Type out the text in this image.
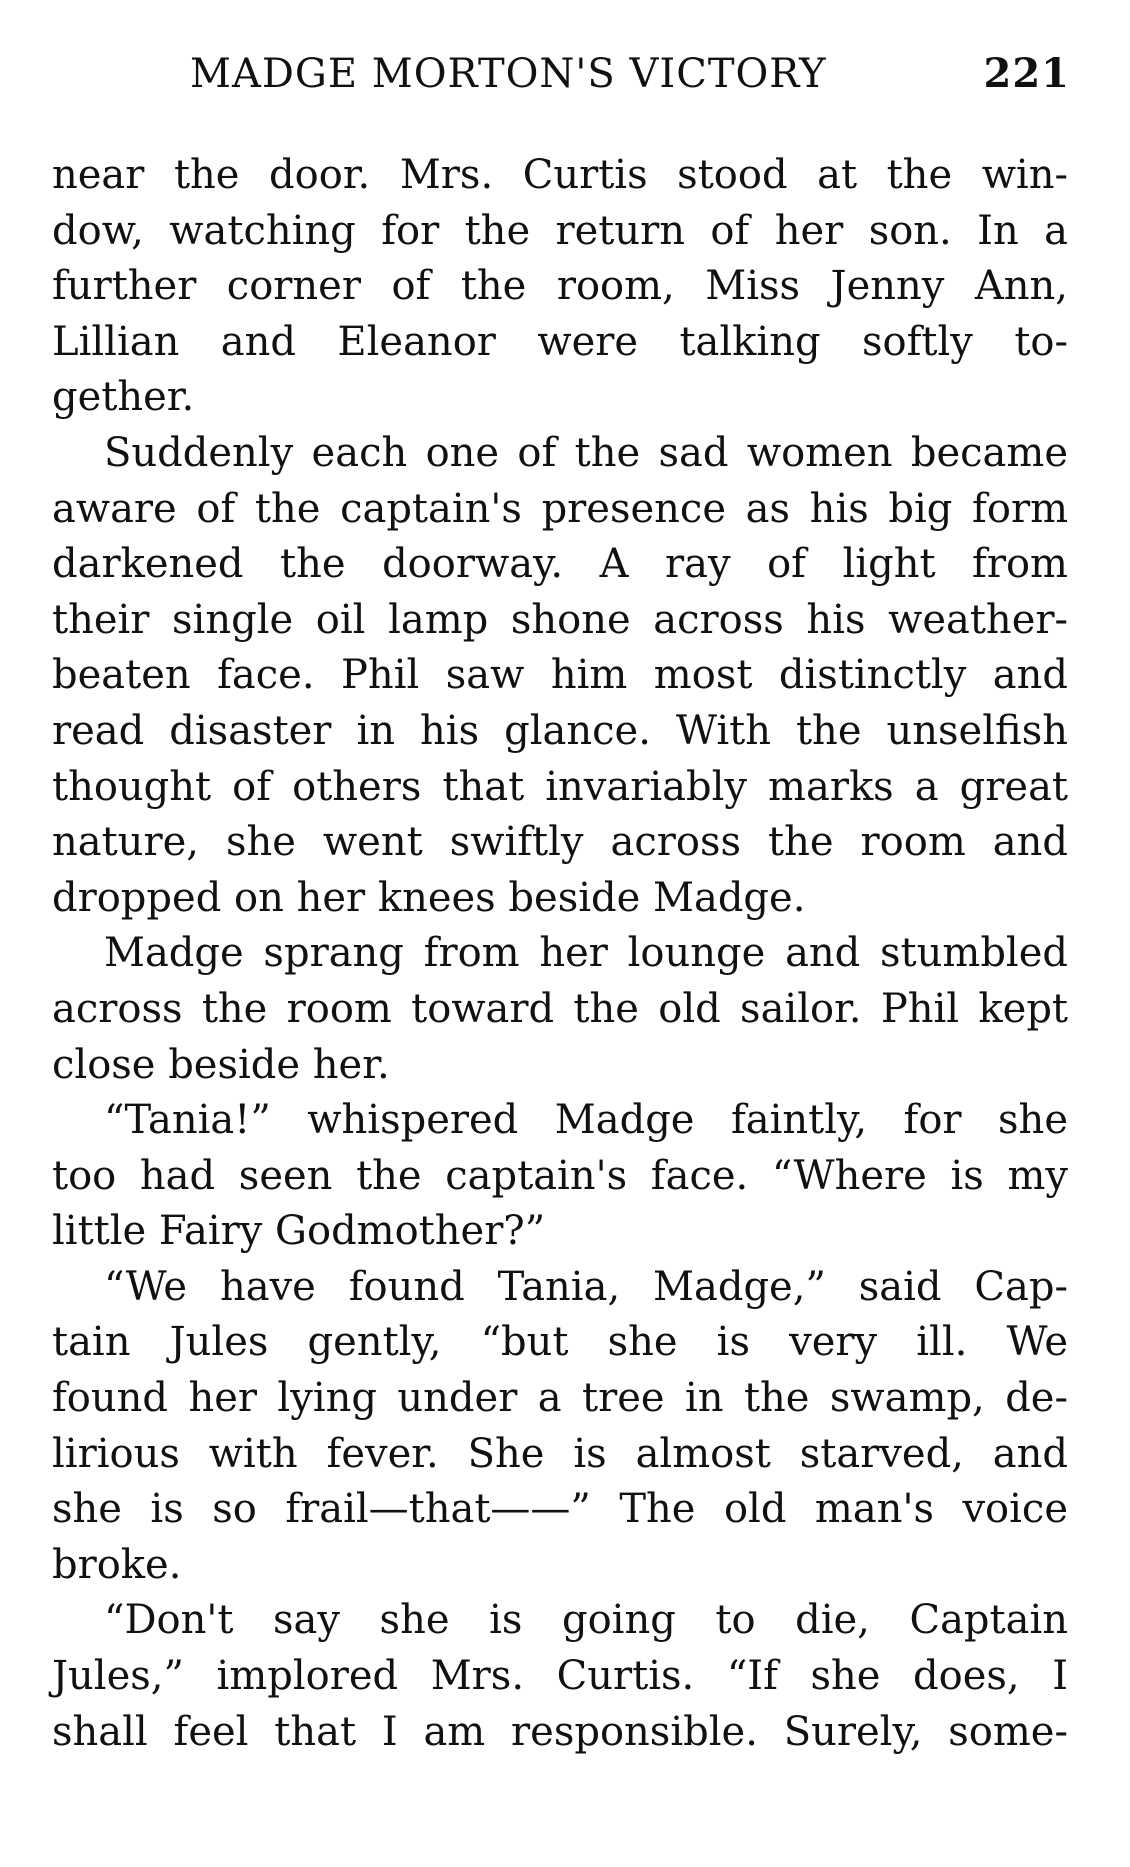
MADGE MORTON'S VICTORY	221
near the door. Mrs. Curtis stood at the win-
dow, watching for the return of her son. In a
further corner of the room, Miss Jenny Ann,
Lillian and Eleanor were talking softly to-
gether.
Suddenly each one of the sad women became
aware of the captain's presence as his big form
darkened the doorway. A ray of light from
their single oil lamp shone across his weather-
beaten face. Phil saw him most distinctly and
read disaster in his glance. With the unselfish
thought of others that invariably marks a great
nature, she went swiftly across the room and
dropped on her knees beside Madge.
Madge sprang from her lounge and stumbled
across the room toward the old sailor. Phil kept
close beside her.
“Tania!” whispered Madge faintly, for she
too had seen the captain's face. “Where is my
little Fairy Godmother?”
“We have found Tania, Madge,” said Cap-
tain Jules gently, “but she is very ill. We
found her lying under a tree in the swamp, de-
lirious with fever. She is almost starved, and
she is so frail—that——” The old man's voice
broke.
“Don't say she is going to die, Captain
Jules,” implored Mrs. Curtis. “If she does, I
shall feel that I am responsible. Surely, some-
